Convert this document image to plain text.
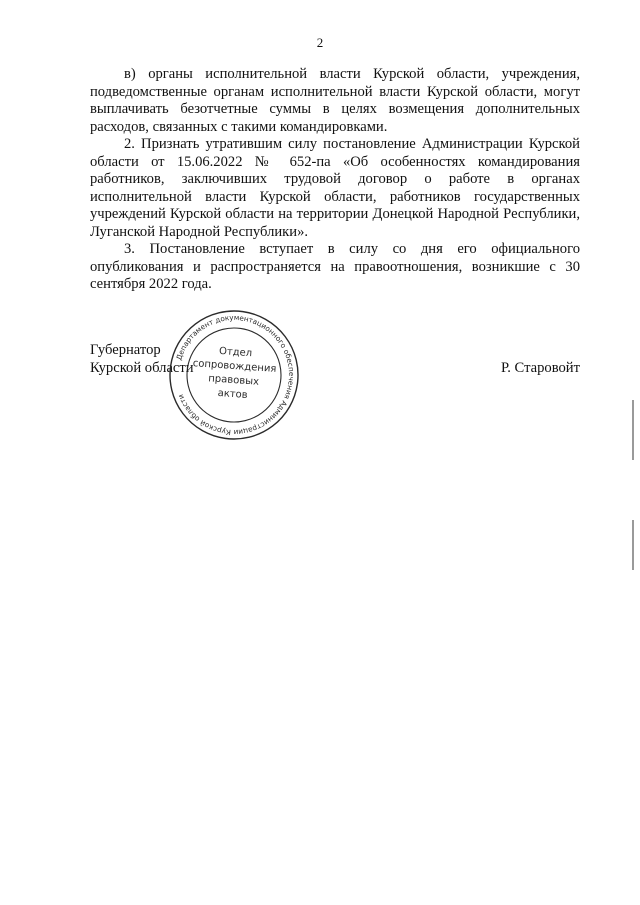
2

в) органы исполнительной власти Курской области, учреждения, подведомственные органам исполнительной власти Курской области, могут выплачивать безотчетные суммы в целях возмещения дополнительных расходов, связанных с такими командировками.

2. Признать утратившим силу постановление Администрации Курской области от 15.06.2022 № 652-па «Об особенностях командирования работников, заключивших трудовой договор о работе в органах исполнительной власти Курской области, работников государственных учреждений Курской области на территории Донецкой Народной Республики, Луганской Народной Республики».

3. Постановление вступает в силу со дня его официального опубликования и распространяется на правоотношения, возникшие с 30 сентября 2022 года.

Губернатор
Курской области	Р. Старовойт
Департамент документационного обеспечения Администрации Курской области
Отдел
сопровождения
правовых
актов
